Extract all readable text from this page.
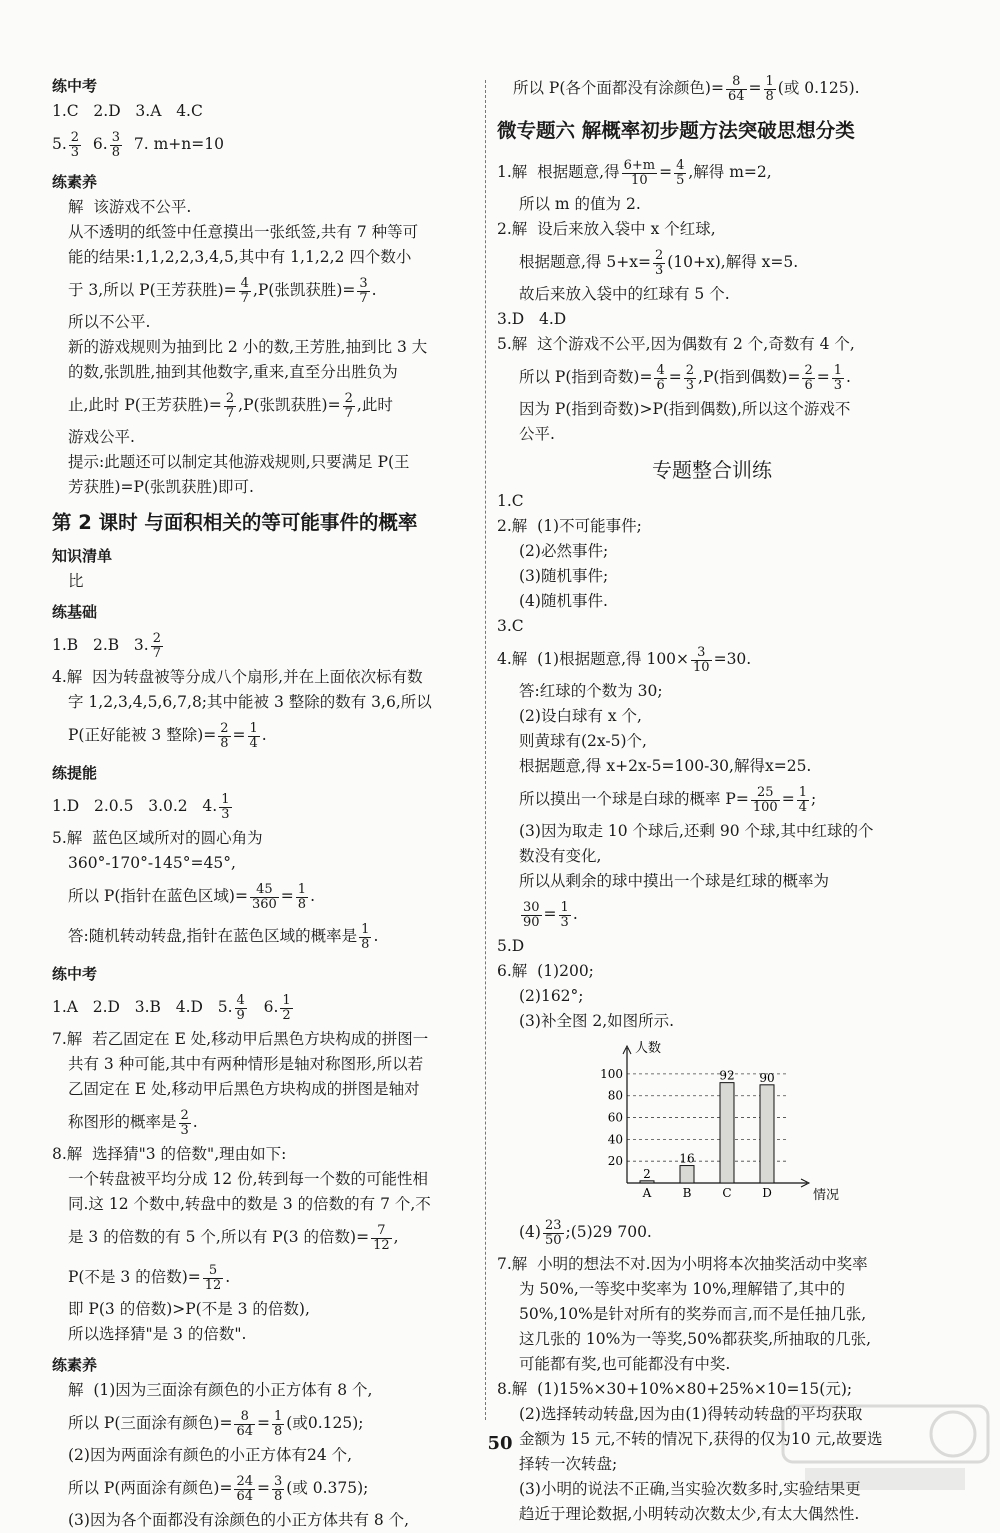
练中考
1.C   2.D   3.A   4.C
5. $\frac{2}{3} 6$. $\frac{3}{8} 7$. m+n=10
练素养
解  该游戏不公平.
从不透明的纸签中任意摸出一张纸签,共有 7 种等可
能的结果:1,1,2,2,3,4,5,其中有 1,1,2,2 四个数小
于 3,所以 P(王芳获胜)= $\frac{4}{7} ,P$(张凯获胜)= $\frac{3}{7}$ .
所以不公平.
新的游戏规则为抽到比 2 小的数,王芳胜,抽到比 3 大
的数,张凯胜,抽到其他数字,重来,直至分出胜负为
止,此时 P(王芳获胜)= $\frac{2}{7} ,P$(张凯获胜)= $\frac{2}{7}$ ,此时
游戏公平.
提示:此题还可以制定其他游戏规则,只要满足 P(王
芳获胜)=P(张凯获胜)即可.
第 2 课时 与面积相关的等可能事件的概率
知识清单
比
练基础
1.B   2.B   3. $\frac{2}{7}$
4.解  因为转盘被等分成八个扇形,并在上面依次标有数
字 1,2,3,4,5,6,7,8;其中能被 3 整除的数有 3,6,所以
P(正好能被 3 整除)= $\frac{2}{8} = \frac{1}{4}$ .
练提能
1.D   2.0.5   3.0.2   4. $\frac{1}{3}$
5.解  蓝色区域所对的圆心角为
360°-170°-145°=45°,
所以 P(指针在蓝色区域)= $\frac{45}{360} = \frac{1}{8}$ .
答:随机转动转盘,指针在蓝色区域的概率是 $\frac{1}{8}$ .
练中考
1.A   2.D   3.B   4.D   5. $\frac{4}{9} 6$. $\frac{1}{2}$
7.解  若乙固定在 E 处,移动甲后黑色方块构成的拼图一
共有 3 种可能,其中有两种情形是轴对称图形,所以若
乙固定在 E 处,移动甲后黑色方块构成的拼图是轴对
称图形的概率是 $\frac{2}{3}$ .
8.解  选择猜"3 的倍数",理由如下:
一个转盘被平均分成 12 份,转到每一个数的可能性相
同.这 12 个数中,转盘中的数是 3 的倍数的有 7 个,不
是 3 的倍数的有 5 个,所以有 P(3 的倍数)= $\frac{7}{12}$ ,
P(不是 3 的倍数)= $\frac{5}{12}$ .
即 P(3 的倍数)>P(不是 3 的倍数),
所以选择猜"是 3 的倍数".
练素养
解  (1)因为三面涂有颜色的小正方体有 8 个,
所以 P(三面涂有颜色)= $\frac{8}{64} = \frac{1}{8}$ (或0.125);
(2)因为两面涂有颜色的小正方体有24 个,
所以 P(两面涂有颜色)= $\frac{24}{64} = \frac{3}{8}$ (或 0.375);
(3)因为各个面都没有涂颜色的小正方体共有 8 个,
所以 P(各个面都没有涂颜色)= $\frac{8}{64} = \frac{1}{8}$ (或 0.125).
微专题六 解概率初步题方法突破思想分类
1.解  根据题意,得 $\frac{6+m}{10} = \frac{4}{5}$ ,解得 m=2,
所以 m 的值为 2.
2.解  设后来放入袋中 x 个红球,
根据题意,得 $5+x= \frac{2}{3} (10+x)$,解得 x=5.
故后来放入袋中的红球有 5 个.
3.D   4.D
5.解  这个游戏不公平,因为偶数有 2 个,奇数有 4 个,
所以 P(指到奇数)= $\frac{4}{6} = \frac{2}{3} ,P$(指到偶数)= $\frac{2}{6} = \frac{1}{3}$ .
因为 P(指到奇数)>P(指到偶数),所以这个游戏不
公平.
专题整合训练
1.C
2.解  (1)不可能事件;
(2)必然事件;
(3)随机事件;
(4)随机事件.
3.C
4.解  (1)根据题意,得 $100\times \frac{3}{10} =30$.
答:红球的个数为 30;
(2)设白球有 x 个,
则黄球有(2x-5)个,
根据题意,得 x+2x-5=100-30,解得x=25.
所以摸出一个球是白球的概率 $P= \frac{25}{100} = \frac{1}{4}$ ;
(3)因为取走 10 个球后,还剩 90 个球,其中红球的个
数没有变化,
所以从剩余的球中摸出一个球是红球的概率为
$\frac{30}{90} = \frac{1}{3}$ .
5.D
6.解  (1)200;
(2)162°;
(3)补全图 2,如图所示.
20
40
60
80
100
人数
情况
2
A
16
B
92
C
90
D
$(4) \frac{23}{50}$ ;(5)29 700.
7.解  小明的想法不对.因为小明将本次抽奖活动中奖率
为 50%,一等奖中奖率为 10%,理解错了,其中的
50%,10%是针对所有的奖券而言,而不是任抽几张,
这几张的 10%为一等奖,50%都获奖,所抽取的几张,
可能都有奖,也可能都没有中奖.
8.解  (1)15%×30+10%×80+25%×10=15(元);
(2)选择转动转盘,因为由(1)得转动转盘的平均获取
金额为 15 元,不转的情况下,获得的仅为10 元,故要选
择转一次转盘;
(3)小明的说法不正确,当实验次数多时,实验结果更
趋近于理论数据,小明转动次数太少,有太大偶然性.
50
